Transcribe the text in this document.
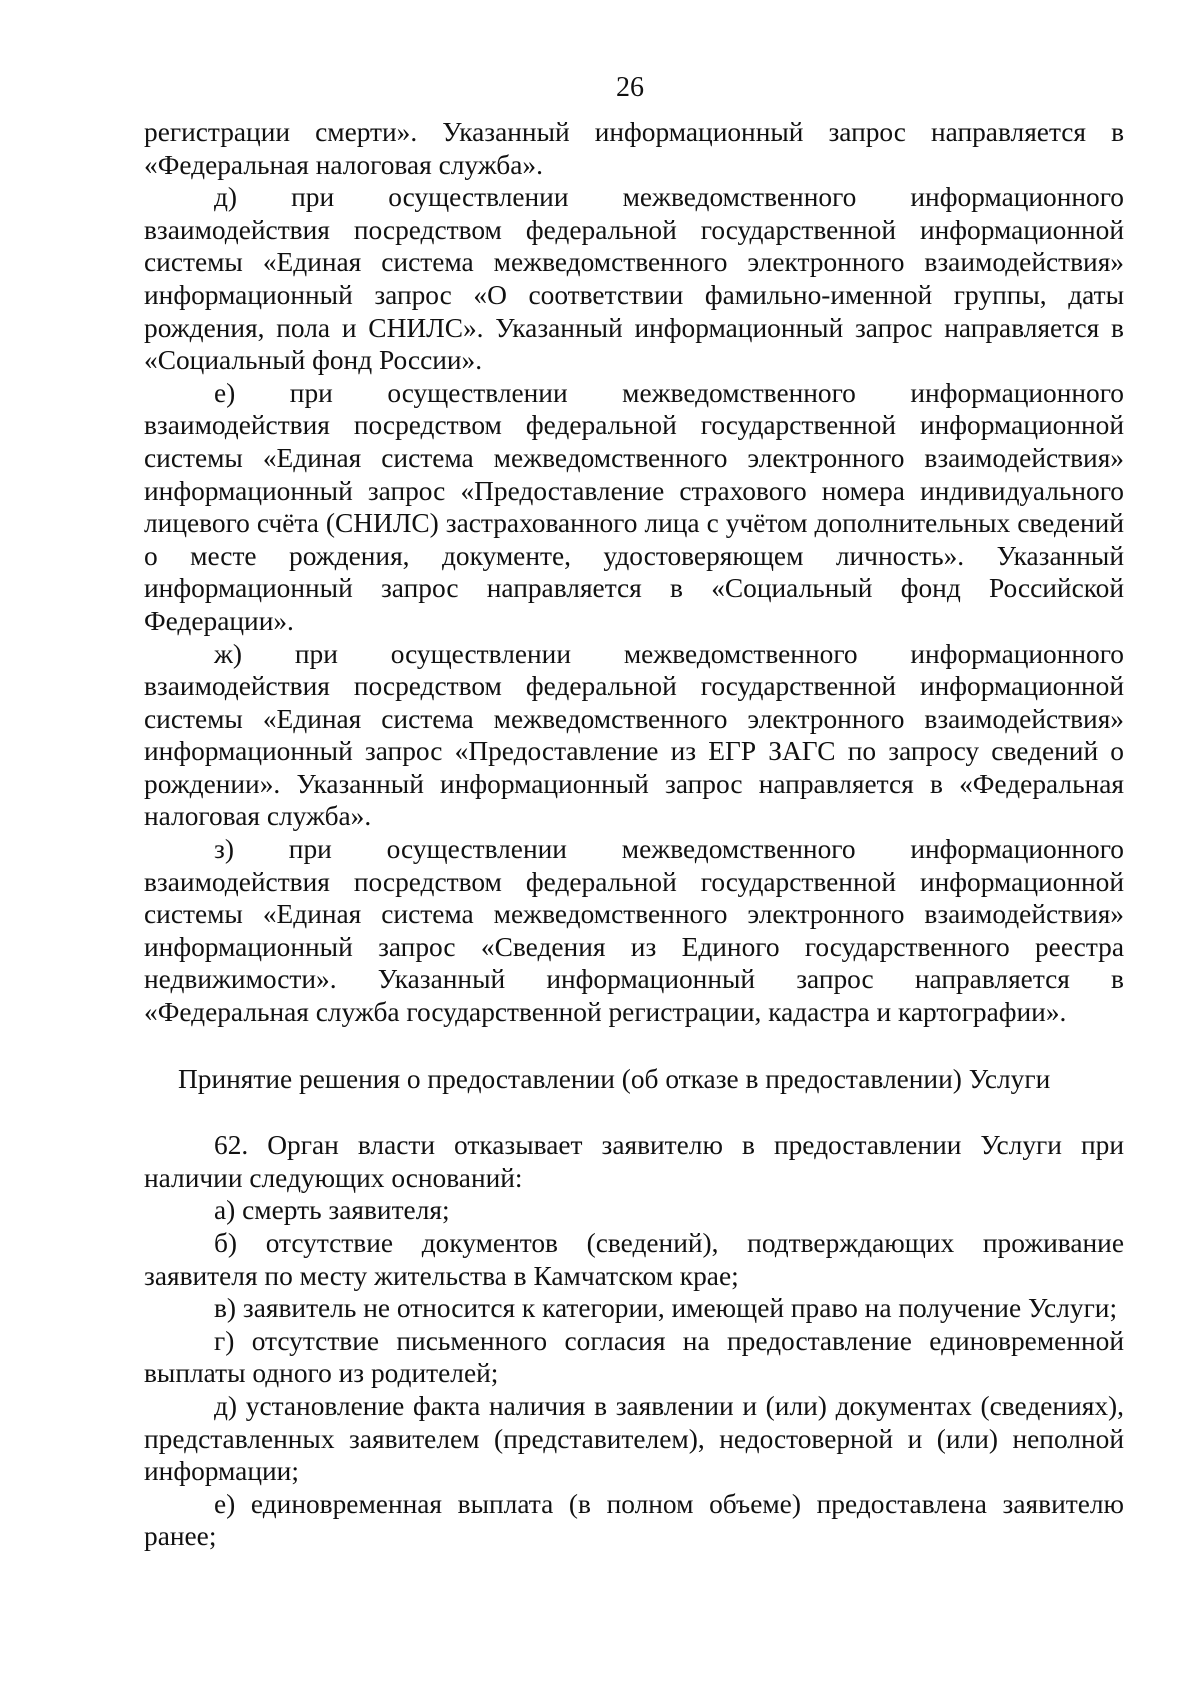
26

регистрации смерти». Указанный информационный запрос направляется в «Федеральная налоговая служба».

д) при осуществлении межведомственного информационного взаимодействия посредством федеральной государственной информационной системы «Единая система межведомственного электронного взаимодействия» информационный запрос «О соответствии фамильно-именной группы, даты рождения, пола и СНИЛС». Указанный информационный запрос направляется в «Социальный фонд России».

е) при осуществлении межведомственного информационного взаимодействия посредством федеральной государственной информационной системы «Единая система межведомственного электронного взаимодействия» информационный запрос «Предоставление страхового номера индивидуального лицевого счёта (СНИЛС) застрахованного лица с учётом дополнительных сведений о месте рождения, документе, удостоверяющем личность». Указанный информационный запрос направляется в «Социальный фонд Российской Федерации».

ж) при осуществлении межведомственного информационного взаимодействия посредством федеральной государственной информационной системы «Единая система межведомственного электронного взаимодействия» информационный запрос «Предоставление из ЕГР ЗАГС по запросу сведений о рождении». Указанный информационный запрос направляется в «Федеральная налоговая служба».

з) при осуществлении межведомственного информационного взаимодействия посредством федеральной государственной информационной системы «Единая система межведомственного электронного взаимодействия» информационный запрос «Сведения из Единого государственного реестра недвижимости». Указанный информационный запрос направляется в «Федеральная служба государственной регистрации, кадастра и картографии».

Принятие решения о предоставлении (об отказе в предоставлении) Услуги

62. Орган власти отказывает заявителю в предоставлении Услуги при наличии следующих оснований:

а) смерть заявителя;

б) отсутствие документов (сведений), подтверждающих проживание заявителя по месту жительства в Камчатском крае;

в) заявитель не относится к категории, имеющей право на получение Услуги;

г) отсутствие письменного согласия на предоставление единовременной выплаты одного из родителей;

д) установление факта наличия в заявлении и (или) документах (сведениях), представленных заявителем (представителем), недостоверной и (или) неполной информации;

е) единовременная выплата (в полном объеме) предоставлена заявителю ранее;
